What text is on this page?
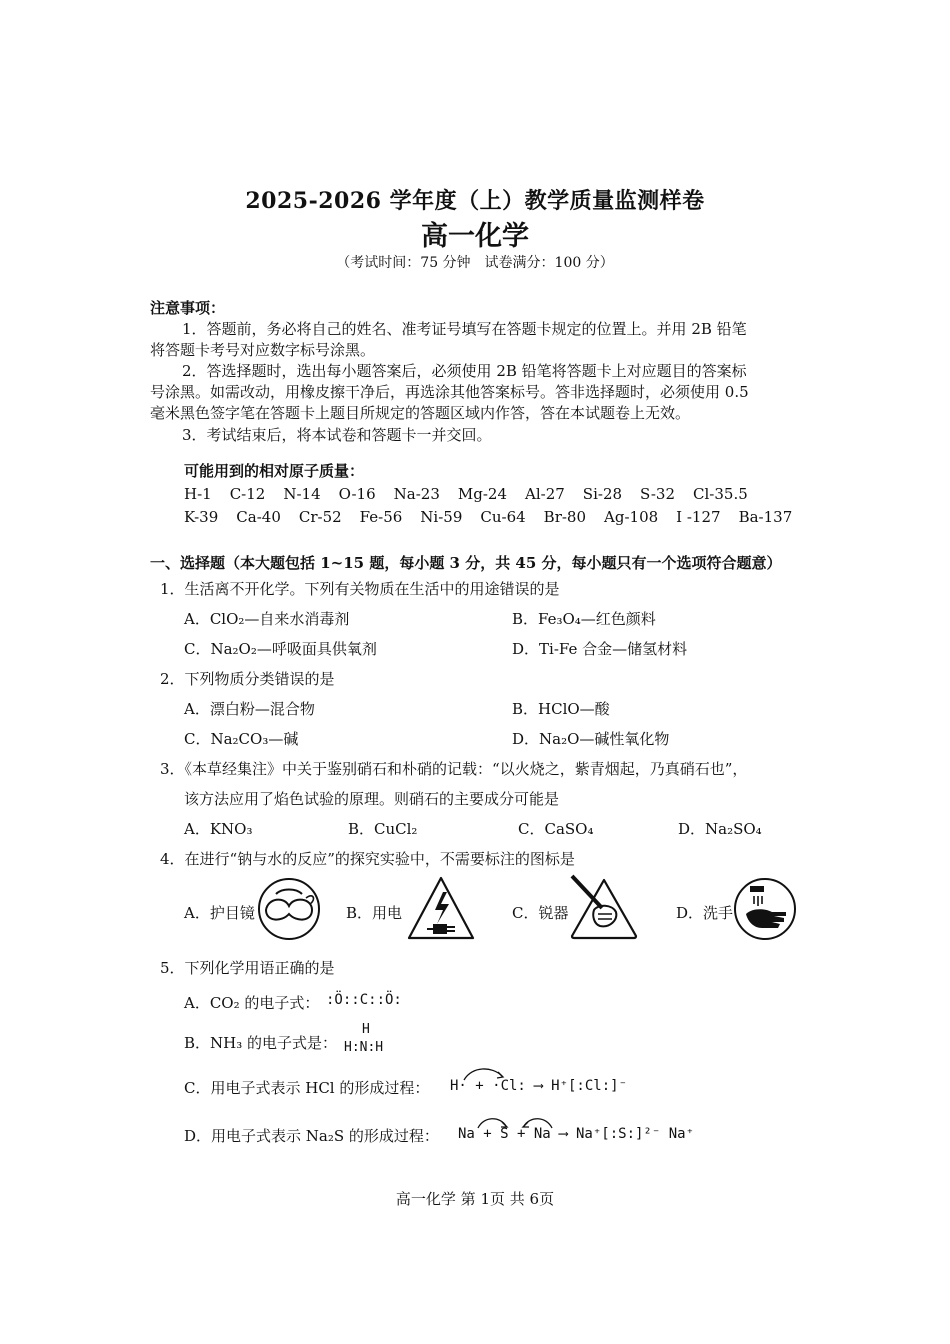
2025-2026 学年度（上）教学质量监测样卷
高一化学
（考试时间：75 分钟　试卷满分：100 分）
注意事项：
1．答题前，务必将自己的姓名、准考证号填写在答题卡规定的位置上。并用 2B 铅笔
将答题卡考号对应数字标号涂黑。
2．答选择题时，选出每小题答案后，必须使用 2B 铅笔将答题卡上对应题目的答案标
号涂黑。如需改动，用橡皮擦干净后，再选涂其他答案标号。答非选择题时，必须使用 0.5
毫米黑色签字笔在答题卡上题目所规定的答题区域内作答，答在本试题卷上无效。
3．考试结束后，将本试卷和答题卡一并交回。
可能用到的相对原子质量：
H-1 C-12 N-14 O-16 Na-23 Mg-24 Al-27 Si-28 S-32 Cl-35.5
K-39 Ca-40 Cr-52 Fe-56 Ni-59 Cu-64 Br-80 Ag-108 I -127 Ba-137
一、选择题（本大题包括 1~15 题，每小题 3 分，共 45 分，每小题只有一个选项符合题意）
1．生活离不开化学。下列有关物质在生活中的用途错误的是
A．ClO₂—自来水消毒剂	B．Fe₃O₄—红色颜料
C．Na₂O₂—呼吸面具供氧剂	D．Ti-Fe 合金—储氢材料
2．下列物质分类错误的是
A．漂白粉—混合物	B．HClO—酸
C．Na₂CO₃—碱	D．Na₂O—碱性氧化物
3．《本草经集注》中关于鉴别硝石和朴硝的记载：“以火烧之，紫青烟起，乃真硝石也”，
该方法应用了焰色试验的原理。则硝石的主要成分可能是
A．KNO₃	B．CuCl₂	C．CaSO₄	D．Na₂SO₄
4．在进行“钠与水的反应”的探究实验中，不需要标注的图标是
A．护目镜	B．用电	C．锐器	D．洗手
5．下列化学用语正确的是
A．CO₂ 的电子式： :Ö::C::Ö:
B．NH₃ 的电子式是：
H
H:N:H
C．用电子式表示 HCl 的形成过程： H· + ·Cl: ⟶ H⁺[:Cl:]⁻
D．用电子式表示 Na₂S 的形成过程： Na + S + Na ⟶ Na⁺[:S:]²⁻ Na⁺
高一化学 第 1页 共 6页
